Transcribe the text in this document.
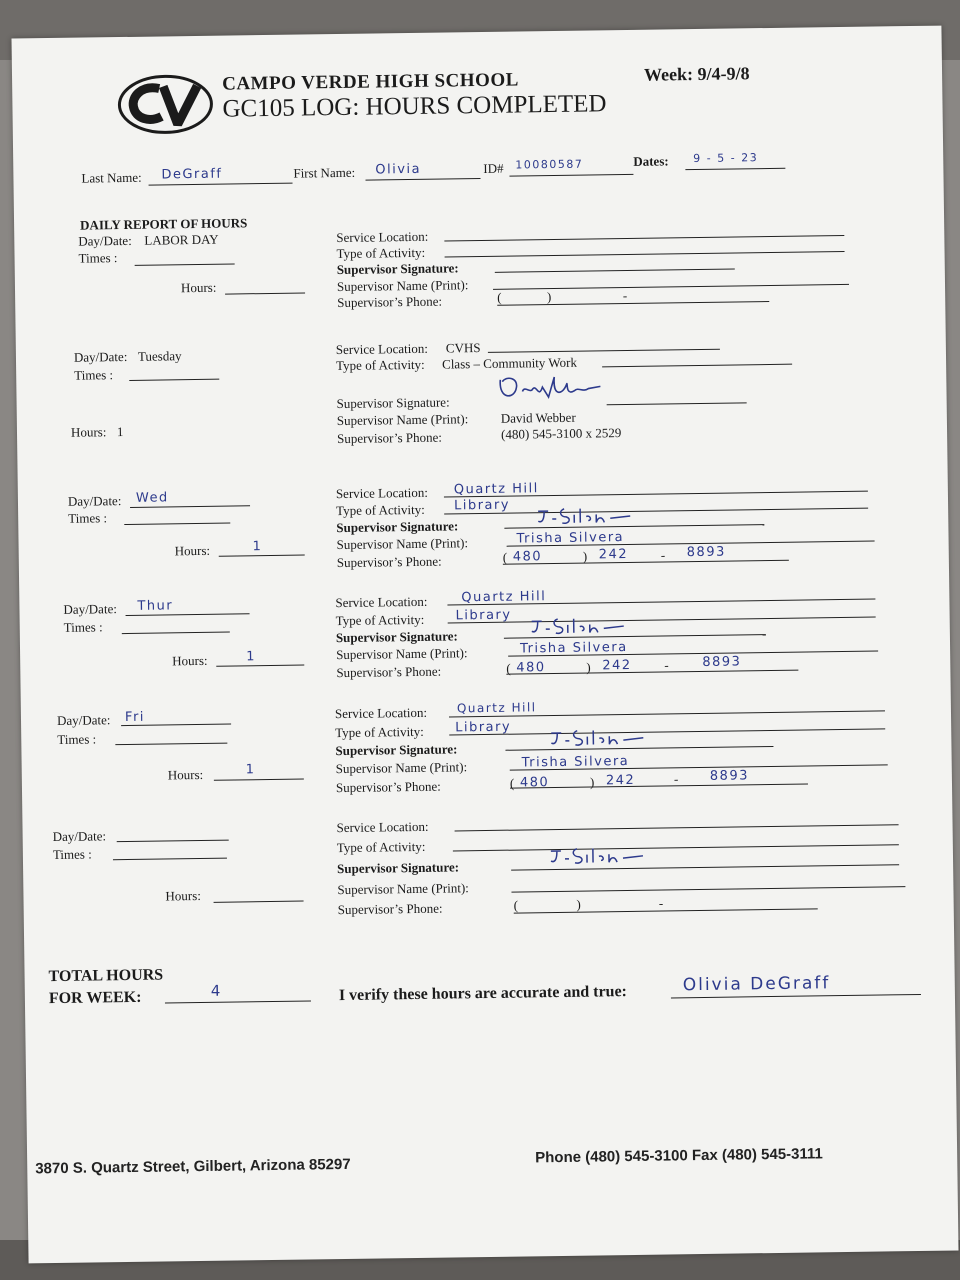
CAMPO VERDE HIGH SCHOOL
GC105 LOG: HOURS COMPLETED
Week: 9/4-9/8
Last Name: DeGraff	First Name: Olivia	ID# 10080587	Dates: 9 - 5 - 23
DAILY REPORT OF HOURS
Day/Date: LABOR DAY
Times :
Hours:
Service Location:
Type of Activity:
Supervisor Signature:
Supervisor Name (Print):
Supervisor’s Phone:	(              )                      -
Day/Date: Tuesday
Times :
Hours: 1
Service Location: CVHS
Type of Activity: Class – Community Work
Supervisor Signature:
Supervisor Name (Print): David Webber
Supervisor’s Phone:	(480) 545-3100 x 2529
Day/Date: Wed
Times :
Hours:	1
Service Location: Quartz Hill
Type of Activity: Library
Supervisor Signature:
Supervisor Name (Print):	Trisha Silvera
Supervisor’s Phone:	( 480	) 242 - 8893
Day/Date: Thur
Times :
Hours:	1
Service Location:	Quartz Hill
Type of Activity: Library
Supervisor Signature:
Supervisor Name (Print):	Trisha Silvera
Supervisor’s Phone:	( 480	) 242 -	8893
Day/Date: Fri
Times :
Hours:	1
Service Location: Quartz Hill
Type of Activity: Library
Supervisor Signature:
Supervisor Name (Print):	Trisha Silvera
Supervisor’s Phone:	( 480	) 242	- 8893
Day/Date:
Times :
Hours:
Service Location:
Type of Activity:
Supervisor Signature:
Supervisor Name (Print):
Supervisor’s Phone:	(                  )                        -
TOTAL HOURS
FOR WEEK:	4	I verify these hours are accurate and true:	Olivia DeGraff
3870 S. Quartz Street, Gilbert, Arizona 85297
Phone (480) 545-3100 Fax (480) 545-3111
